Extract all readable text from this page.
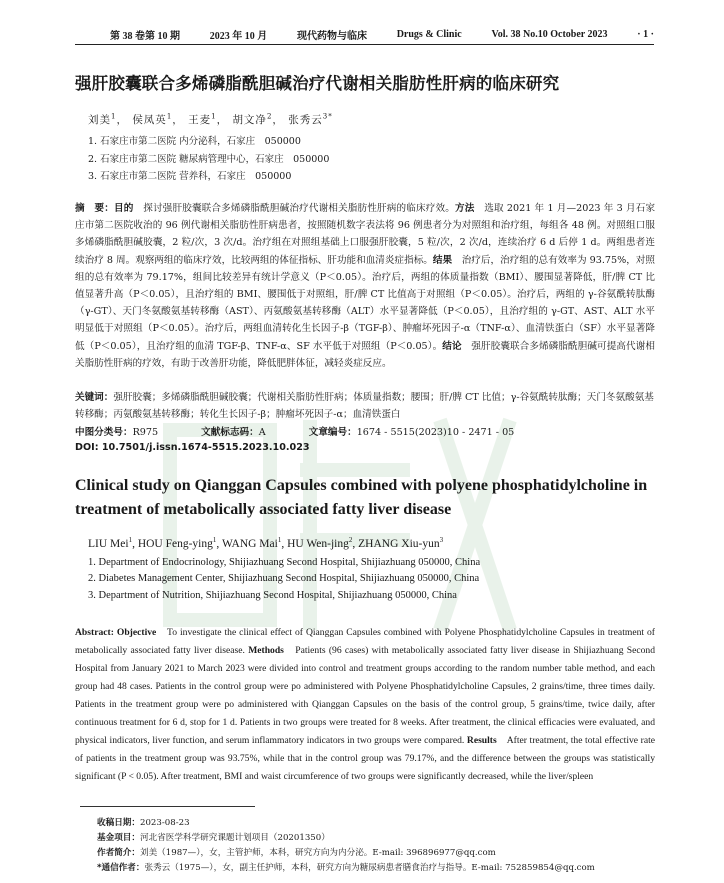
第 38 卷第 10 期	2023 年 10 月	现代药物与临床	Drugs & Clinic	Vol. 38 No.10 October 2023	· 1 ·
强肝胶囊联合多烯磷脂酰胆碱治疗代谢相关脂肪性肝病的临床研究
刘美$^1$， 侯凤英$^1$， 王麦$^1$， 胡文净$^2$， 张秀云$^{3*}$
1. 石家庄市第二医院 内分泌科，石家庄　050000
2. 石家庄市第二医院 糖尿病管理中心，石家庄　050000
3. 石家庄市第二医院 营养科，石家庄　050000
摘　要：目的　探讨强肝胶囊联合多烯磷脂酰胆碱治疗代谢相关脂肪性肝病的临床疗效。方法　选取 2021 年 1 月—2023 年 3 月石家庄市第二医院收治的 96 例代谢相关脂肪性肝病患者，按照随机数字表法将 96 例患者分为对照组和治疗组，每组各 48 例。对照组口服多烯磷脂酰胆碱胶囊，2 粒/次，3 次/d。治疗组在对照组基础上口服强肝胶囊，5 粒/次，2 次/d，连续治疗 6 d 后停 1 d。两组患者连续治疗 8 周。观察两组的临床疗效，比较两组的体征指标、肝功能和血清炎症指标。结果　治疗后，治疗组的总有效率为 93.75%，对照组的总有效率为 79.17%，组间比较差异有统计学意义（P＜0.05）。治疗后，两组的体质量指数（BMI）、腰围显著降低，肝/脾 CT 比值显著升高（P＜0.05），且治疗组的 BMI、腰围低于对照组，肝/脾 CT 比值高于对照组（P＜0.05）。治疗后，两组的 γ-谷氨酰转肽酶（γ-GT）、天门冬氨酸氨基转移酶（AST）、丙氨酸氨基转移酶（ALT）水平显著降低（P＜0.05），且治疗组的 γ-GT、AST、ALT 水平明显低于对照组（P＜0.05）。治疗后，两组血清转化生长因子-β（TGF-β）、肿瘤坏死因子-α（TNF-α）、血清铁蛋白（SF）水平显著降低（P＜0.05），且治疗组的血清 TGF-β、TNF-α、SF 水平低于对照组（P＜0.05）。结论　强肝胶囊联合多烯磷脂酰胆碱可提高代谢相关脂肪性肝病的疗效，有助于改善肝功能，降低肥胖体征，减轻炎症反应。
关键词：强肝胶囊；多烯磷脂酰胆碱胶囊；代谢相关脂肪性肝病；体质量指数；腰围；肝/脾 CT 比值；γ-谷氨酰转肽酶；天门冬氨酸氨基转移酶；丙氨酸氨基转移酶；转化生长因子-β；肿瘤坏死因子-α；血清铁蛋白
中图分类号：R975	文献标志码：A	文章编号：1674 - 5515(2023)10 - 2471 - 05
DOI: 10.7501/j.issn.1674-5515.2023.10.023
Clinical study on Qianggan Capsules combined with polyene phosphatidylcholine in treatment of metabolically associated fatty liver disease
LIU Mei$^1$, HOU Feng-ying$^1$, WANG Mai$^1$, HU Wen-jing$^2$, ZHANG Xiu-yun$^3$
1. Department of Endocrinology, Shijiazhuang Second Hospital, Shijiazhuang 050000, China
2. Diabetes Management Center, Shijiazhuang Second Hospital, Shijiazhuang 050000, China
3. Department of Nutrition, Shijiazhuang Second Hospital, Shijiazhuang 050000, China
Abstract: Objective　To investigate the clinical effect of Qianggan Capsules combined with Polyene Phosphatidylcholine Capsules in treatment of metabolically associated fatty liver disease. Methods　Patients (96 cases) with metabolically associated fatty liver disease in Shijiazhuang Second Hospital from January 2021 to March 2023 were divided into control and treatment groups according to the random number table method, and each group had 48 cases. Patients in the control group were po administered with Polyene Phosphatidylcholine Capsules, 2 grains/time, three times daily. Patients in the treatment group were po administered with Qianggan Capsules on the basis of the control group, 5 grains/time, twice daily, after continuous treatment for 6 d, stop for 1 d. Patients in two groups were treated for 8 weeks. After treatment, the clinical efficacies were evaluated, and physical indicators, liver function, and serum inflammatory indicators in two groups were compared. Results　After treatment, the total effective rate of patients in the treatment group was 93.75%, while that in the control group was 79.17%, and the difference between the groups was statistically significant (P < 0.05). After treatment, BMI and waist circumference of two groups were significantly decreased, while the liver/spleen
收稿日期：2023-08-23
基金项目：河北省医学科学研究课题计划项目（20201350）
作者简介：刘美（1987—），女，主管护师，本科，研究方向为内分泌。E-mail: 396896977@qq.com
*通信作者：张秀云（1975—），女，副主任护师，本科，研究方向为糖尿病患者膳食治疗与指导。E-mail: 752859854@qq.com
